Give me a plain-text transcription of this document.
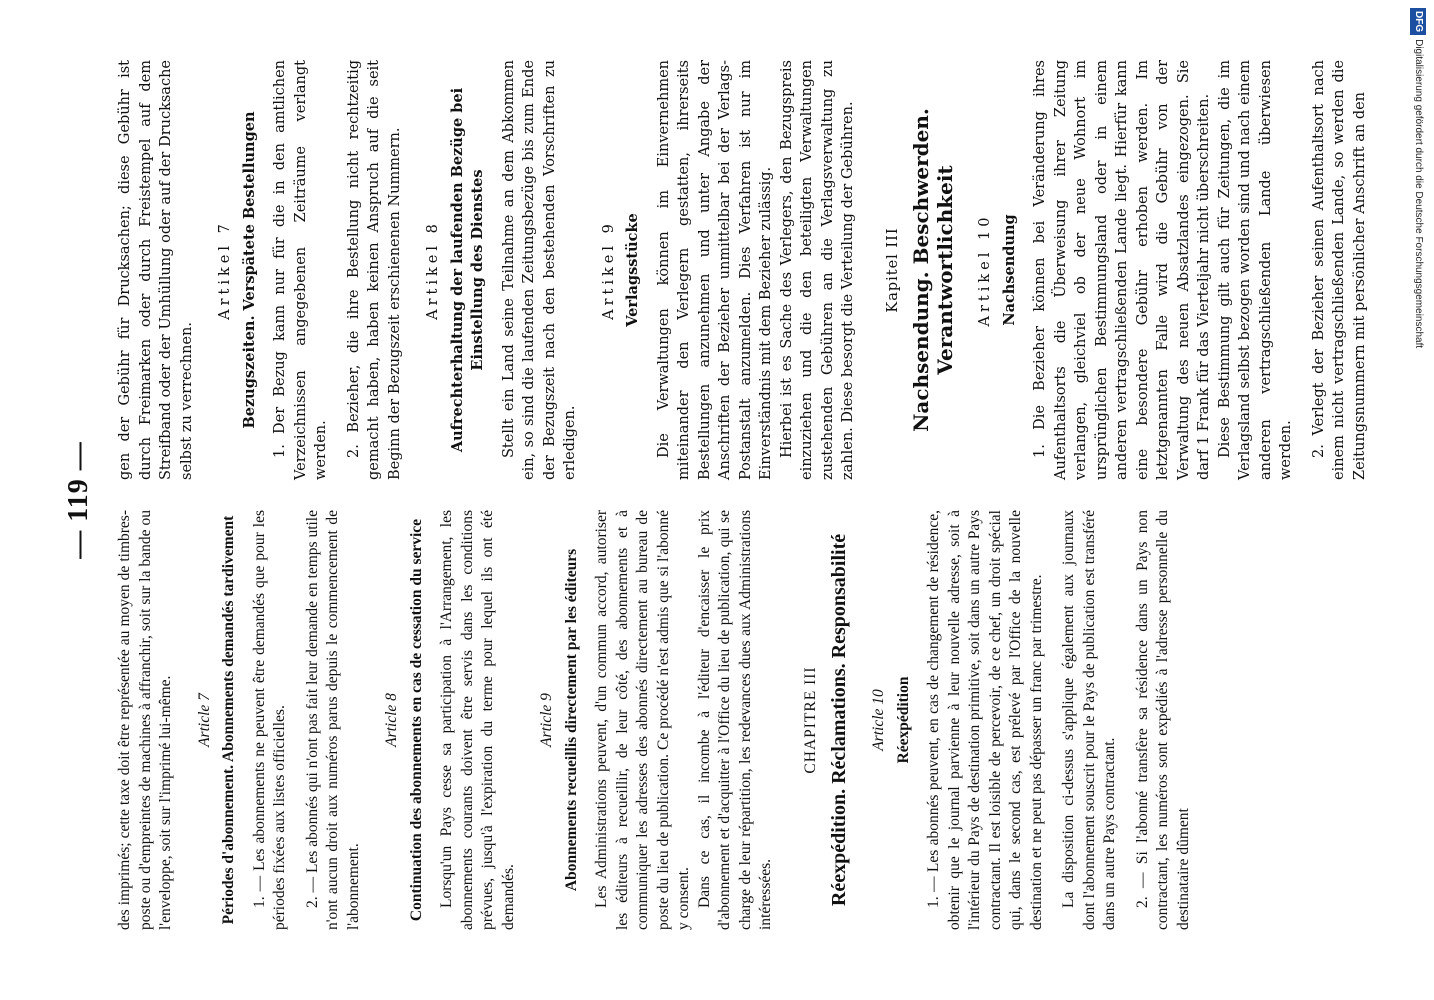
— 119 —

des imprimés; cette taxe doit être représentée au moyen de timbres-poste ou d'empreintes de machines à affranchir, soit sur la bande ou l'enveloppe, soit sur l'imprimé lui-même. Article 7 Périodes d'abonnement. Abonnements demandés tardivement 1. — Les abonnements ne peuvent être demandés que pour les périodes fixées aux listes officielles. 2. — Les abonnés qui n'ont pas fait leur demande en temps utile n'ont aucun droit aux numéros parus depuis le commencement de l'abonnement.

Article 8 Continuation des abonnements en cas de cessation du service Lorsqu'un Pays cesse sa participation à l'Arrangement, les abonnements courants doivent être servis dans les conditions prévues, jusqu'à l'expiration du terme pour lequel ils ont été demandés.

Article 9 Abonnements recueillis directement par les éditeurs Les Administrations peuvent, d'un commun accord, autoriser les éditeurs à recueillir, de leur côté, des abonnements et à communiquer les adresses des abonnés directement au bureau de poste du lieu de publication. Ce procédé n'est admis que si l'abonné y consent. Dans ce cas, il incombe à l'éditeur d'encaisser le prix d'abonnement et d'acquitter à l'Office du lieu de publication, qui se charge de leur répartition, les redevances dues aux Administrations intéressées.

CHAPITRE III Réexpédition. Réclamations. Responsabilité Article 10 Réexpédition 1. — Les abonnés peuvent, en cas de changement de résidence, obtenir que le journal parvienne à leur nouvelle adresse, soit à l'intérieur du Pays de destination primitive, soit dans un autre Pays contractant. Il est loisible de percevoir, de ce chef, un droit spécial qui, dans le second cas, est prélevé par l'Office de la nouvelle destination et ne peut pas dépasser un franc par trimestre. La disposition ci-dessus s'applique également aux journaux dont l'abonnement souscrit pour le Pays de publication est transféré dans un autre Pays contractant. 2. — Si l'abonné transfère sa résidence dans un Pays non contractant, les numéros sont expédiés à l'adresse personnelle du destinataire dûment

gen der Gebühr für Drucksachen; diese Gebühr ist durch Freimarken oder durch Freistempel auf dem Streifband oder der Umhüllung oder auf der Drucksache selbst zu verrechnen.

Artikel 7 Bezugszeiten. Verspätete Bestellungen 1. Der Bezug kann nur für die in den amtlichen Verzeichnissen angegebenen Zeiträume verlangt werden. 2. Bezieher, die ihre Bestellung nicht rechtzeitig gemacht haben, haben keinen Anspruch auf die seit Beginn der Bezugszeit erschienenen Nummern. Artikel 8 Aufrechterhaltung der laufenden Bezüge bei Einstellung des Dienstes Stellt ein Land seine Teilnahme an dem Abkommen ein, so sind die laufenden Zeitungsbezüge bis zum Ende der Bezugszeit nach den bestehenden Vorschriften zu erledigen.

Artikel 9 Verlagsstücke Die Verwaltungen können im Einvernehmen miteinander den Verlegern gestatten, ihrerseits Bestellungen anzunehmen und unter Angabe der Anschriften der Bezieher unmittelbar bei der Verlags-Postanstalt anzumelden. Dies Verfahren ist nur im Einverständnis mit dem Bezieher zulässig. Hierbei ist es Sache des Verlegers, den Bezugspreis einzuziehen und die den beteiligten Verwaltungen zustehenden Gebühren an die Verlagsverwaltung zu zahlen. Diese besorgt die Verteilung der Gebühren. Kapitel III Nachsendung. Beschwerden. Verantwortlichkeit Artikel 10 Nachsendung 1. Die Bezieher können bei Veränderung ihres Aufenthaltsorts die Überweisung ihrer Zeitung verlangen, gleichviel ob der neue Wohnort im ursprünglichen Bestimmungsland oder in einem anderen vertragschließenden Lande liegt. Hierfür kann eine besondere Gebühr erhoben werden. Im letztgenannten Falle wird die Gebühr von der Verwaltung des neuen Absatzlandes eingezogen. Sie darf 1 Frank für das Vierteljahr nicht überschreiten. Diese Bestimmung gilt auch für Zeitungen, die im Verlagsland selbst bezogen worden sind und nach einem anderen vertragschließenden Lande überwiesen werden. 2. Verlegt der Bezieher seinen Aufenthaltsort nach einem nicht vertragschließenden Lande, so werden die Zeitungsnummern mit persönlicher Anschrift an den

DFGDigitalisierung gefördert durch die Deutsche Forschungsgemeinschaft
